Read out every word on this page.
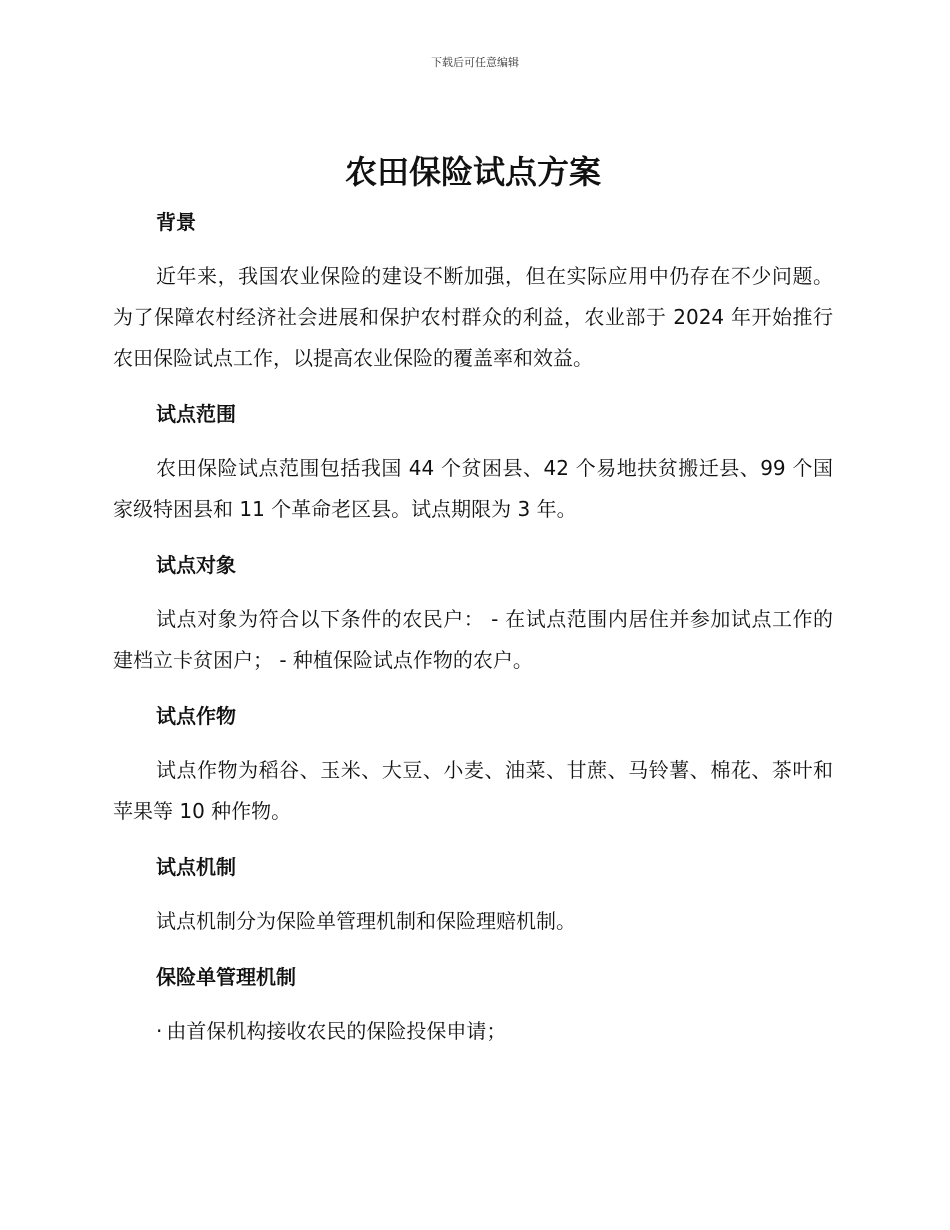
下载后可任意编辑
农田保险试点方案
背景

近年来，我国农业保险的建设不断加强，但在实际应用中仍存在不少问题。为了保障农村经济社会进展和保护农村群众的利益，农业部于 2024 年开始推行农田保险试点工作，以提高农业保险的覆盖率和效益。

试点范围

农田保险试点范围包括我国 44 个贫困县、42 个易地扶贫搬迁县、99 个国家级特困县和 11 个革命老区县。试点期限为 3 年。

试点对象

试点对象为符合以下条件的农民户： - 在试点范围内居住并参加试点工作的建档立卡贫困户； - 种植保险试点作物的农户。

试点作物

试点作物为稻谷、玉米、大豆、小麦、油菜、甘蔗、马铃薯、棉花、茶叶和苹果等 10 种作物。

试点机制

试点机制分为保险单管理机制和保险理赔机制。

保险单管理机制

· 由首保机构接收农民的保险投保申请；
